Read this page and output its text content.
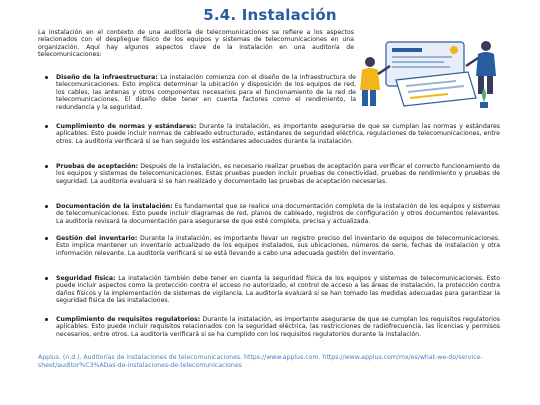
5.4. Instalación

La instalación en el contexto de una auditoría de telecomunicaciones se refiere a los aspectos relacionados con el despliegue físico de los equipos y sistemas de telecomunicaciones en una organización. Aquí hay algunos aspectos clave de la instalación en una auditoría de telecomunicaciones:

Diseño de la infraestructura: La instalación comienza con el diseño de la infraestructura de telecomunicaciones. Esto implica determinar la ubicación y disposición de los equipos de red, los cables, las antenas y otros componentes necesarios para el funcionamiento de la red de telecomunicaciones. El diseño debe tener en cuenta factores como el rendimiento, la redundancia y la seguridad.
Cumplimiento de normas y estándares: Durante la instalación, es importante asegurarse de que se cumplan las normas y estándares aplicables. Esto puede incluir normas de cableado estructurado, estándares de seguridad eléctrica, regulaciones de telecomunicaciones, entre otros. La auditoría verificará si se han seguido los estándares adecuados durante la instalación.
Pruebas de aceptación: Después de la instalación, es necesario realizar pruebas de aceptación para verificar el correcto funcionamiento de los equipos y sistemas de telecomunicaciones. Estas pruebas pueden incluir pruebas de conectividad, pruebas de rendimiento y pruebas de seguridad. La auditoría evaluará si se han realizado y documentado las pruebas de aceptación necesarias.
Documentación de la instalación: Es fundamental que se realice una documentación completa de la instalación de los equipos y sistemas de telecomunicaciones. Esto puede incluir diagramas de red, planos de cableado, registros de configuración y otros documentos relevantes. La auditoría revisará la documentación para asegurarse de que esté completa, precisa y actualizada.
Gestión del inventario: Durante la instalación, es importante llevar un registro preciso del inventario de equipos de telecomunicaciones. Esto implica mantener un inventario actualizado de los equipos instalados, sus ubicaciones, números de serie, fechas de instalación y otra información relevante. La auditoría verificará si se está llevando a cabo una adecuada gestión del inventario.
Seguridad física: La instalación también debe tener en cuenta la seguridad física de los equipos y sistemas de telecomunicaciones. Esto puede incluir aspectos como la protección contra el acceso no autorizado, el control de acceso a las áreas de instalación, la protección contra daños físicos y la implementación de sistemas de vigilancia. La auditoría evaluará si se han tomado las medidas adecuadas para garantizar la seguridad física de las instalaciones.
Cumplimiento de requisitos regulatorios: Durante la instalación, es importante asegurarse de que se cumplan los requisitos regulatorios aplicables. Esto puede incluir requisitos relacionados con la seguridad eléctrica, las restricciones de radiofrecuencia, las licencias y permisos necesarios, entre otros. La auditoría verificará si se ha cumplido con los requisitos regulatorios durante la instalación.
Applus. (n.d.). Auditorías de instalaciones de telecomunicaciones. https://www.applus.com. https://www.applus.com/mx/es/what-we-do/service-sheet/auditor%C3%ADas-de-instalaciones-de-telecomunicaciones
